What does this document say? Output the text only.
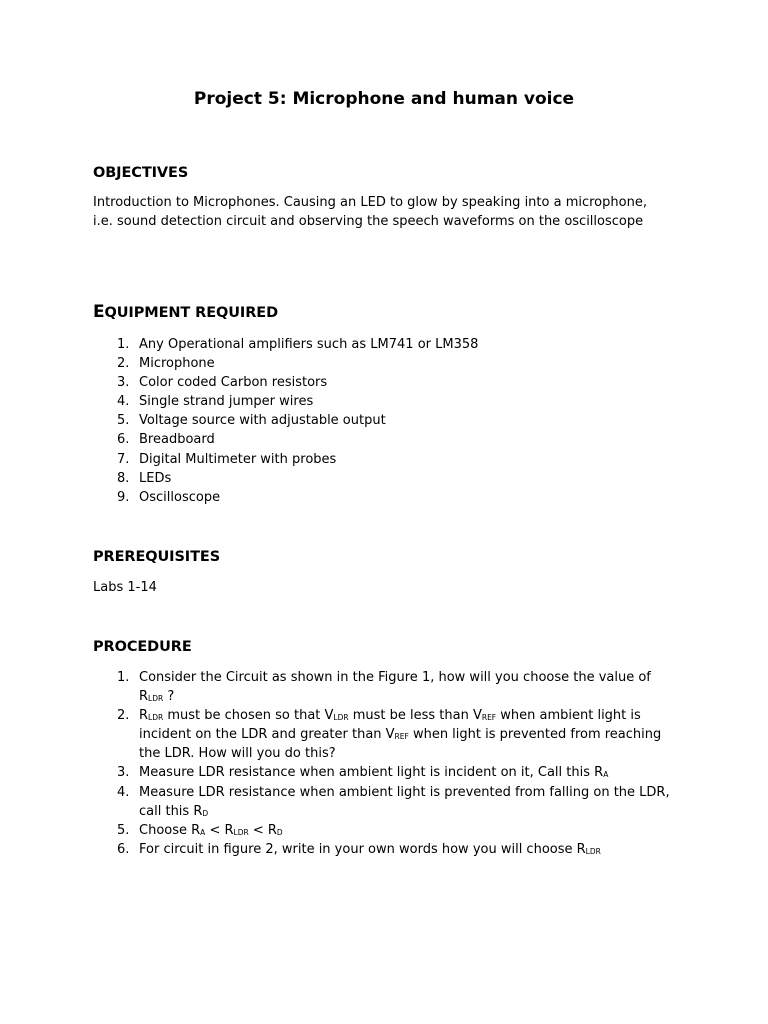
Project 5: Microphone and human voice
OBJECTIVES

Introduction to Microphones. Causing an LED to glow by speaking into a microphone, i.e. sound detection circuit and observing the speech waveforms on the oscilloscope

EQUIPMENT REQUIRED
1. Any Operational amplifiers such as LM741 or LM358
2. Microphone
3. Color coded Carbon resistors
4. Single strand jumper wires
5. Voltage source with adjustable output
6. Breadboard
7. Digital Multimeter with probes
8. LEDs
9. Oscilloscope
PREREQUISITES

Labs 1-14

PROCEDURE
1. Consider the Circuit as shown in the Figure 1, how will you choose the value of $R_{LDR}$ ?
2. $R_{LDR}$ must be chosen so that $V_{LDR}$ must be less than $V_{REF}$ when ambient light is incident on the LDR and greater than $V_{REF}$ when light is prevented from reaching the LDR. How will you do this?
3. Measure LDR resistance when ambient light is incident on it, Call this $R_A$
4. Measure LDR resistance when ambient light is prevented from falling on the LDR, call this $R_D$
5. Choose $R_A < R_{LDR} < R_D$
6. For circuit in figure 2, write in your own words how you will choose $R_{LDR}$
